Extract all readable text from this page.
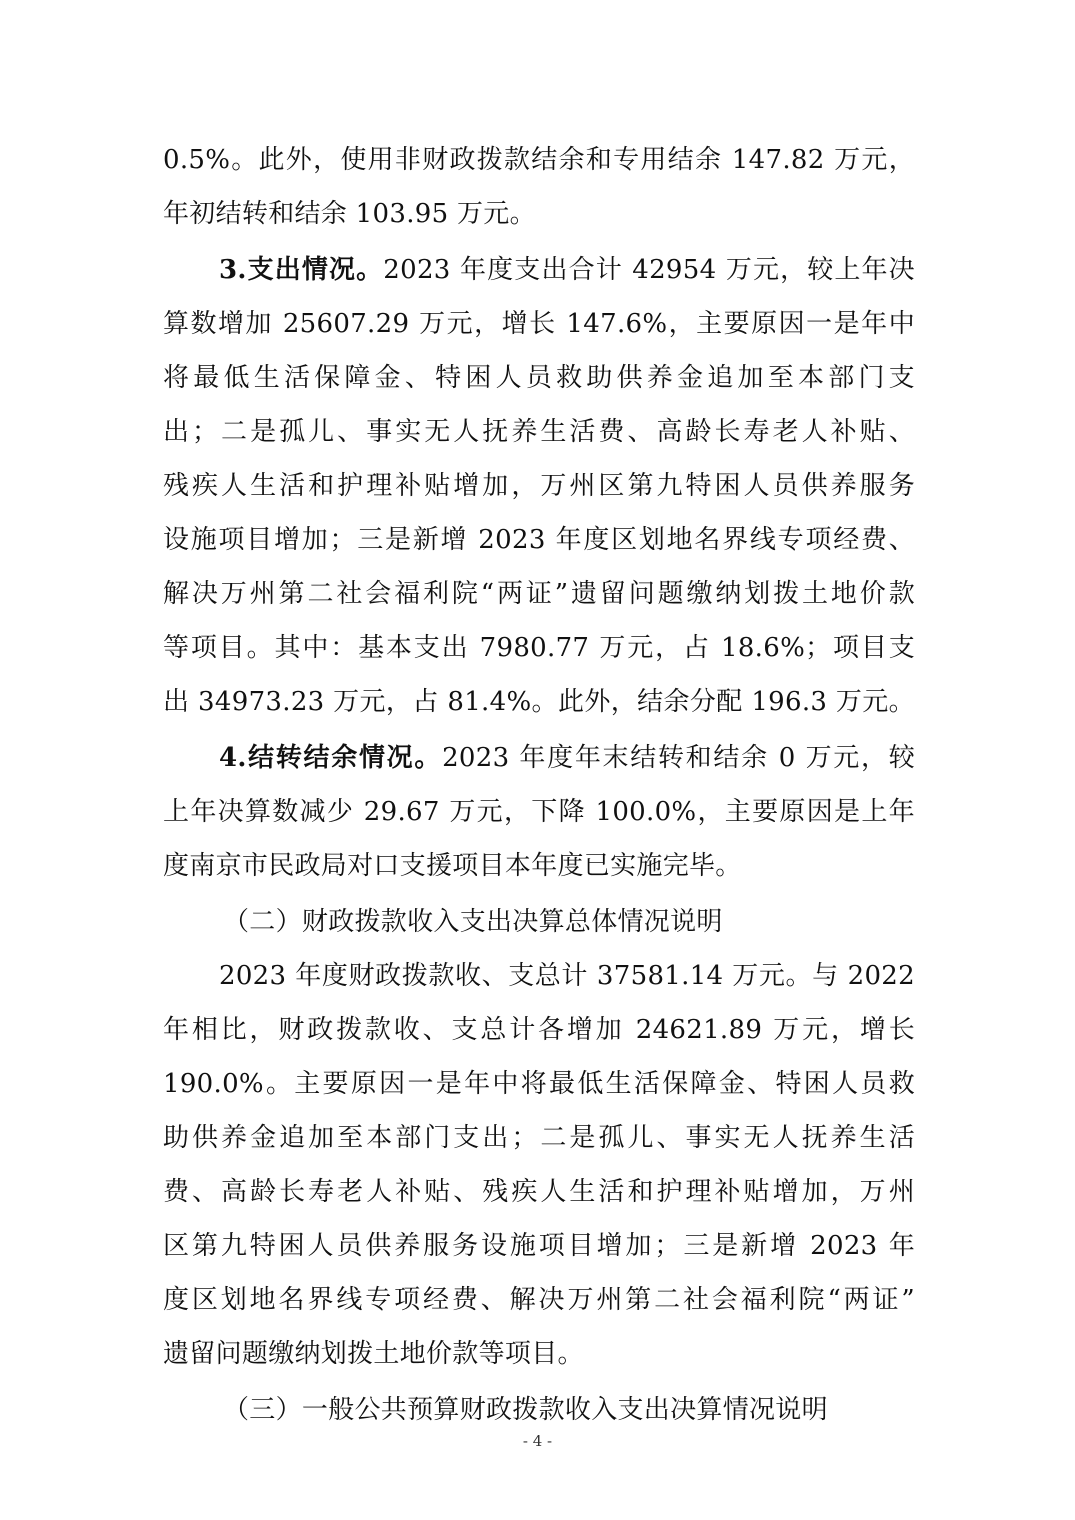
0.5%。此外，使用非财政拨款结余和专用结余 147.82 万元，
年初结转和结余 103.95 万元。
3.支出情况。2023 年度支出合计 42954 万元，较上年决
算数增加 25607.29 万元，增长 147.6%，主要原因一是年中
将最低生活保障金、特困人员救助供养金追加至本部门支
出；二是孤儿、事实无人抚养生活费、高龄长寿老人补贴、
残疾人生活和护理补贴增加，万州区第九特困人员供养服务
设施项目增加；三是新增 2023 年度区划地名界线专项经费、
解决万州第二社会福利院“两证”遗留问题缴纳划拨土地价款
等项目。其中：基本支出 7980.77 万元，占 18.6%；项目支
出 34973.23 万元，占 81.4%。此外，结余分配 196.3 万元。
4.结转结余情况。2023 年度年末结转和结余 0 万元，较
上年决算数减少 29.67 万元，下降 100.0%，主要原因是上年
度南京市民政局对口支援项目本年度已实施完毕。
（二）财政拨款收入支出决算总体情况说明
2023 年度财政拨款收、支总计 37581.14 万元。与 2022
年相比，财政拨款收、支总计各增加 24621.89 万元，增长
190.0%。主要原因一是年中将最低生活保障金、特困人员救
助供养金追加至本部门支出；二是孤儿、事实无人抚养生活
费、高龄长寿老人补贴、残疾人生活和护理补贴增加，万州
区第九特困人员供养服务设施项目增加；三是新增 2023 年
度区划地名界线专项经费、解决万州第二社会福利院“两证”
遗留问题缴纳划拨土地价款等项目。
（三）一般公共预算财政拨款收入支出决算情况说明
- 4 -
